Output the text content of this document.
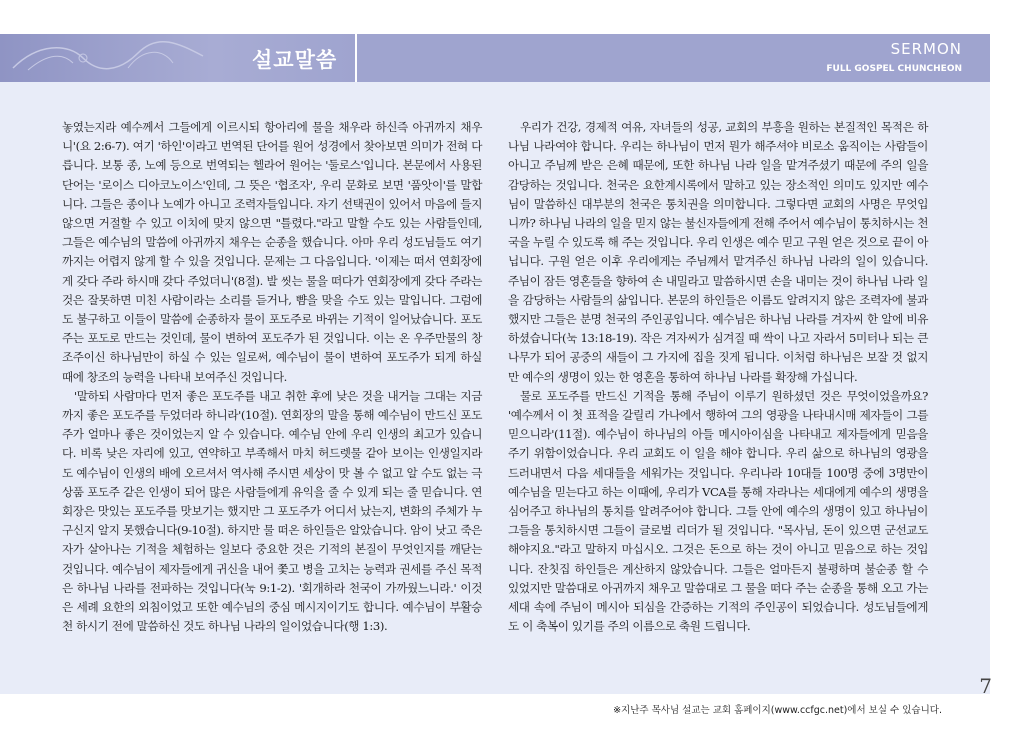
설교말씀	SERMON
FULL GOSPEL CHUNCHEON

놓였는지라 예수께서 그들에게 이르시되 항아리에 물을 채우라 하신즉 아귀까지 채우니'(요 2:6-7). 여기 '하인'이라고 번역된 단어를 원어 성경에서 찾아보면 의미가 전혀 다릅니다. 보통 종, 노예 등으로 번역되는 헬라어 원어는 '둘로스'입니다. 본문에서 사용된 단어는 '로이스 디아코노이스'인데, 그 뜻은 '협조자', 우리 문화로 보면 '품앗이'를 말합니다. 그들은 종이나 노예가 아니고 조력자들입니다. 자기 선택권이 있어서 마음에 들지 않으면 거절할 수 있고 이치에 맞지 않으면 "틀렸다."라고 말할 수도 있는 사람들인데, 그들은 예수님의 말씀에 아귀까지 채우는 순종을 했습니다. 아마 우리 성도님들도 여기까지는 어렵지 않게 할 수 있을 것입니다. 문제는 그 다음입니다. '이제는 떠서 연회장에게 갖다 주라 하시매 갖다 주었더니'(8절). 발 씻는 물을 떠다가 연회장에게 갖다 주라는 것은 잘못하면 미친 사람이라는 소리를 듣거나, 뺨을 맞을 수도 있는 말입니다. 그럼에도 불구하고 이들이 말씀에 순종하자 물이 포도주로 바뀌는 기적이 일어났습니다. 포도주는 포도로 만드는 것인데, 물이 변하여 포도주가 된 것입니다. 이는 온 우주만물의 창조주이신 하나님만이 하실 수 있는 일로써, 예수님이 물이 변하여 포도주가 되게 하실 때에 창조의 능력을 나타내 보여주신 것입니다.

'말하되 사람마다 먼저 좋은 포도주를 내고 취한 후에 낮은 것을 내거늘 그대는 지금까지 좋은 포도주를 두었더라 하니라'(10절). 연회장의 말을 통해 예수님이 만드신 포도주가 얼마나 좋은 것이었는지 알 수 있습니다. 예수님 안에 우리 인생의 최고가 있습니다. 비록 낮은 자리에 있고, 연약하고 부족해서 마치 허드렛물 같아 보이는 인생일지라도 예수님이 인생의 배에 오르셔서 역사해 주시면 세상이 맛 볼 수 없고 알 수도 없는 극상품 포도주 같은 인생이 되어 많은 사람들에게 유익을 줄 수 있게 되는 줄 믿습니다. 연회장은 맛있는 포도주를 맛보기는 했지만 그 포도주가 어디서 났는지, 변화의 주체가 누구신지 알지 못했습니다(9-10절). 하지만 물 떠온 하인들은 알았습니다. 암이 낫고 죽은 자가 살아나는 기적을 체험하는 일보다 중요한 것은 기적의 본질이 무엇인지를 깨닫는 것입니다. 예수님이 제자들에게 귀신을 내어 쫓고 병을 고치는 능력과 권세를 주신 목적은 하나님 나라를 전파하는 것입니다(눅 9:1-2). '회개하라 천국이 가까웠느니라.' 이것은 세례 요한의 외침이었고 또한 예수님의 중심 메시지이기도 합니다. 예수님이 부활승천 하시기 전에 말씀하신 것도 하나님 나라의 일이었습니다(행 1:3).

우리가 건강, 경제적 여유, 자녀들의 성공, 교회의 부흥을 원하는 본질적인 목적은 하나님 나라여야 합니다. 우리는 하나님이 먼저 뭔가 해주셔야 비로소 움직이는 사람들이 아니고 주님께 받은 은혜 때문에, 또한 하나님 나라 일을 맡겨주셨기 때문에 주의 일을 감당하는 것입니다. 천국은 요한계시록에서 말하고 있는 장소적인 의미도 있지만 예수님이 말씀하신 대부분의 천국은 통치권을 의미합니다. 그렇다면 교회의 사명은 무엇입니까? 하나님 나라의 일을 믿지 않는 불신자들에게 전해 주어서 예수님이 통치하시는 천국을 누릴 수 있도록 해 주는 것입니다. 우리 인생은 예수 믿고 구원 얻은 것으로 끝이 아닙니다. 구원 얻은 이후 우리에게는 주님께서 맡겨주신 하나님 나라의 일이 있습니다. 주님이 잠든 영혼들을 향하여 손 내밀라고 말씀하시면 손을 내미는 것이 하나님 나라 일을 감당하는 사람들의 삶입니다. 본문의 하인들은 이름도 알려지지 않은 조력자에 불과했지만 그들은 분명 천국의 주인공입니다. 예수님은 하나님 나라를 겨자씨 한 알에 비유하셨습니다(눅 13:18-19). 작은 겨자씨가 심겨질 때 싹이 나고 자라서 5미터나 되는 큰 나무가 되어 공중의 새들이 그 가지에 집을 짓게 됩니다. 이처럼 하나님은 보잘 것 없지만 예수의 생명이 있는 한 영혼을 통하여 하나님 나라를 확장해 가십니다.

물로 포도주를 만드신 기적을 통해 주님이 이루기 원하셨던 것은 무엇이었을까요? '예수께서 이 첫 표적을 갈릴리 가나에서 행하여 그의 영광을 나타내시매 제자들이 그를 믿으니라'(11절). 예수님이 하나님의 아들 메시아이심을 나타내고 제자들에게 믿음을 주기 위함이었습니다. 우리 교회도 이 일을 해야 합니다. 우리 삶으로 하나님의 영광을 드러내면서 다음 세대들을 세워가는 것입니다. 우리나라 10대들 100명 중에 3명만이 예수님을 믿는다고 하는 이때에, 우리가 VCA를 통해 자라나는 세대에게 예수의 생명을 심어주고 하나님의 통치를 알려주어야 합니다. 그들 안에 예수의 생명이 있고 하나님이 그들을 통치하시면 그들이 글로벌 리더가 될 것입니다. "목사님, 돈이 있으면 군선교도 해야지요."라고 말하지 마십시오. 그것은 돈으로 하는 것이 아니고 믿음으로 하는 것입니다. 잔칫집 하인들은 계산하지 않았습니다. 그들은 얼마든지 불평하며 불순종 할 수 있었지만 말씀대로 아귀까지 채우고 말씀대로 그 물을 떠다 주는 순종을 통해 오고 가는 세대 속에 주님이 메시아 되심을 간증하는 기적의 주인공이 되었습니다. 성도님들에게도 이 축복이 있기를 주의 이름으로 축원 드립니다.

7
※지난주 목사님 설교는 교회 홈페이지(www.ccfgc.net)에서 보실 수 있습니다.
